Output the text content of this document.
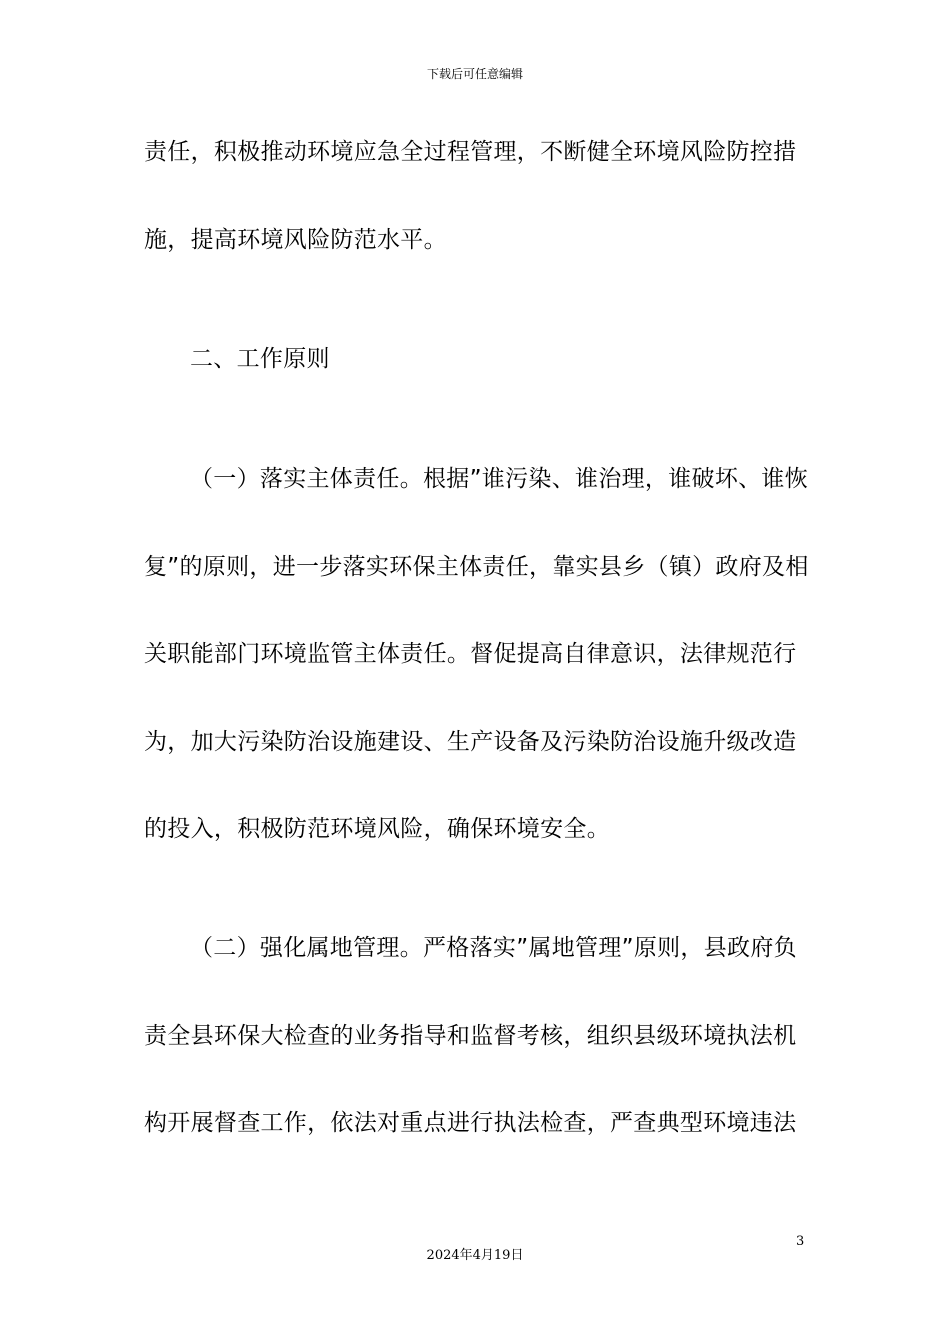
下载后可任意编辑
责任，积极推动环境应急全过程管理，不断健全环境风险防控措
施，提高环境风险防范水平。
二、工作原则
（一）落实主体责任。根据”谁污染、谁治理，谁破坏、谁恢
复”的原则，进一步落实环保主体责任，靠实县乡（镇）政府及相
关职能部门环境监管主体责任。督促提高自律意识，法律规范行
为，加大污染防治设施建设、生产设备及污染防治设施升级改造
的投入，积极防范环境风险，确保环境安全。
（二）强化属地管理。严格落实”属地管理”原则，县政府负
责全县环保大检查的业务指导和监督考核，组织县级环境执法机
构开展督查工作，依法对重点进行执法检查，严查典型环境违法
3
2024年4月19日
